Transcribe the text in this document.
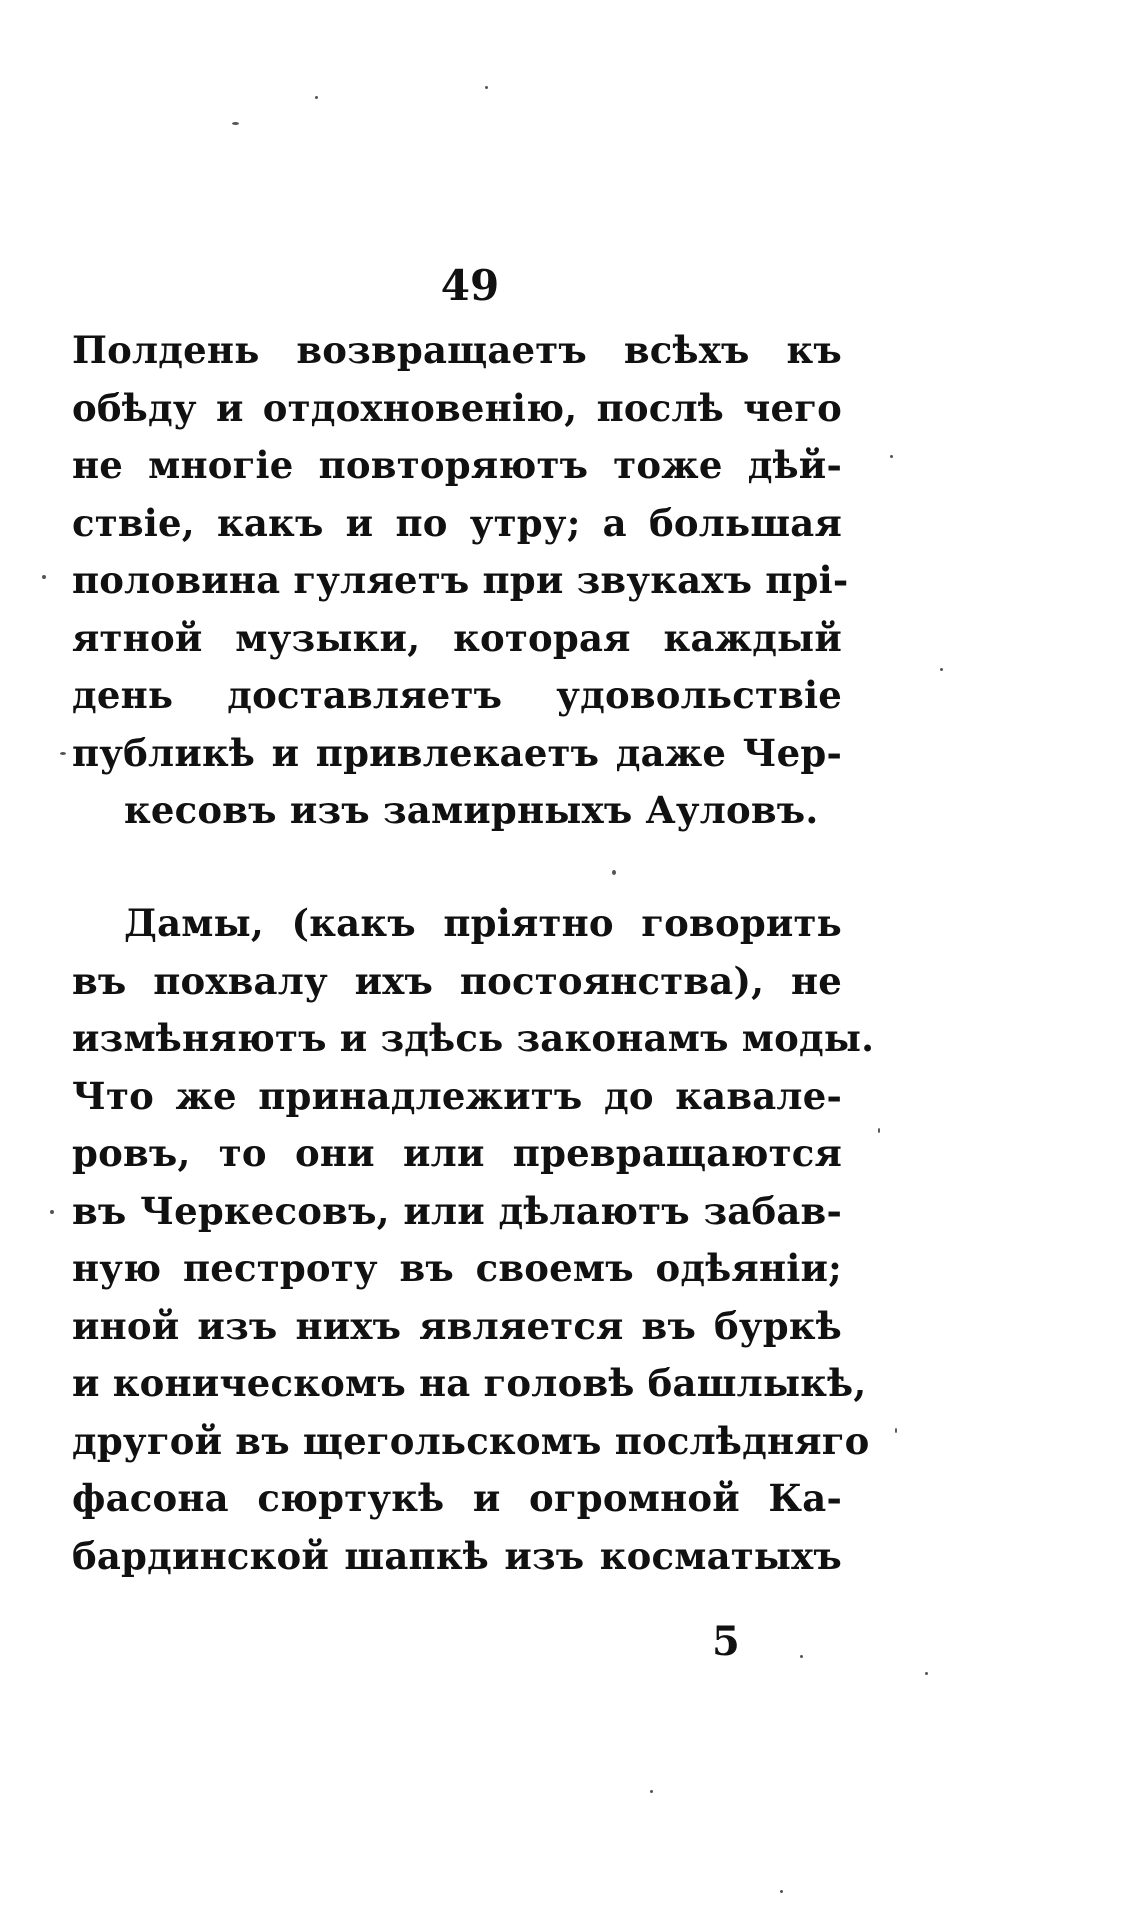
49
Полдень возвращаетъ всѣхъ къ
обѣду и отдохновенію, послѣ чего
не многіе повторяютъ тоже дѣй-
ствіе, какъ и по утру; а большая
половина гуляетъ при звукахъ прі-
ятной музыки, которая каждый
день доставляетъ удовольствіе
публикѣ и привлекаетъ даже Чер-
кесовъ изъ замирныхъ Ауловъ.
Дамы, (какъ пріятно говорить
въ похвалу ихъ постоянства), не
измѣняютъ и здѣсь законамъ моды.
Что же принадлежитъ до кавале-
ровъ, то они или превращаются
въ Черкесовъ, или дѣлаютъ забав-
ную пестроту въ своемъ одѣяніи;
иной изъ нихъ является въ буркѣ
и коническомъ на головѣ башлыкѣ,
другой въ щегольскомъ послѣдняго
фасона сюртукѣ и огромной Ка-
бардинской шапкѣ изъ косматыхъ
5
